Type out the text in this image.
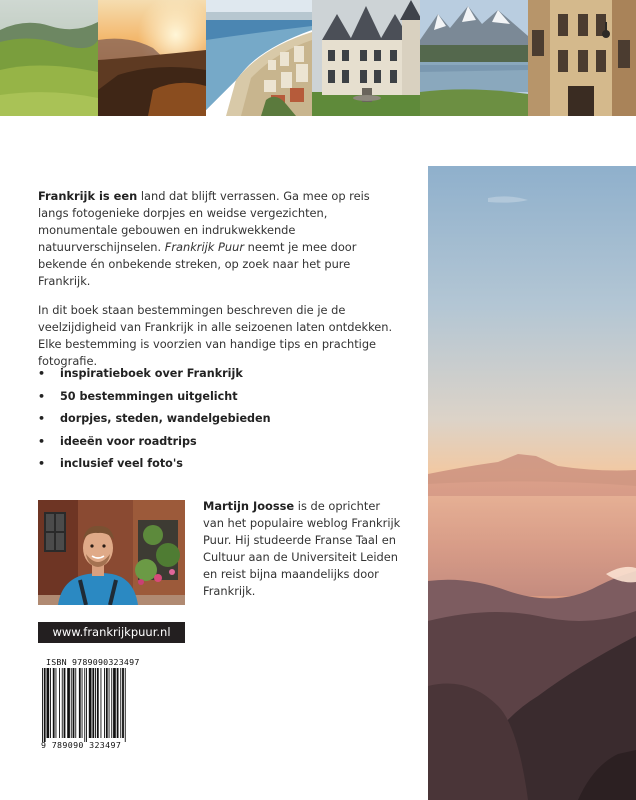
Frankrijk is een land dat blijft verrassen. Ga mee op reis langs fotogenieke dorpjes en weidse vergezichten, monumentale gebouwen en indrukwekkende natuurverschijnselen. Frankrijk Puur neemt je mee door bekende én onbekende streken, op zoek naar het pure Frankrijk.

In dit boek staan bestemmingen beschreven die je de veelzijdigheid van Frankrijk in alle seizoenen laten ontdekken. Elke bestemming is voorzien van handige tips en prachtige fotografie.

•	inspiratieboek over Frankrijk
•	50 bestemmingen uitgelicht
•	dorpjes, steden, wandelgebieden
•	ideeën voor roadtrips
•	inclusief veel foto's
Martijn Joosse is de oprichter van het populaire weblog Frankrijk Puur. Hij studeerde Franse Taal en Cultuur aan de Universiteit Leiden en reist bijna maandelijks door Frankrijk.
www.frankrijkpuur.nl
ISBN 9789090323497
9 789090 323497
